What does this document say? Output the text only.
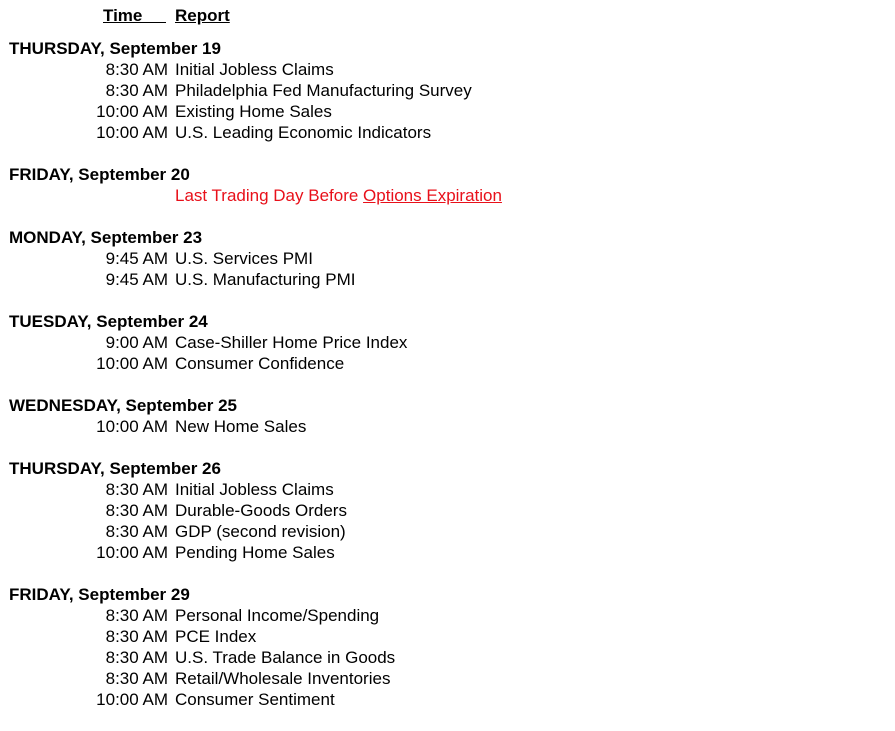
Time Report
THURSDAY, September 19
8:30 AM Initial Jobless Claims
8:30 AM Philadelphia Fed Manufacturing Survey
10:00 AM Existing Home Sales
10:00 AM U.S. Leading Economic Indicators
FRIDAY, September 20
Last Trading Day Before Options Expiration
MONDAY, September 23
9:45 AM U.S. Services PMI
9:45 AM U.S. Manufacturing PMI
TUESDAY, September 24
9:00 AM Case-Shiller Home Price Index
10:00 AM Consumer Confidence
WEDNESDAY, September 25
10:00 AM New Home Sales
THURSDAY, September 26
8:30 AM Initial Jobless Claims
8:30 AM Durable-Goods Orders
8:30 AM GDP (second revision)
10:00 AM Pending Home Sales
FRIDAY, September 29
8:30 AM Personal Income/Spending
8:30 AM PCE Index
8:30 AM U.S. Trade Balance in Goods
8:30 AM Retail/Wholesale Inventories
10:00 AM Consumer Sentiment
